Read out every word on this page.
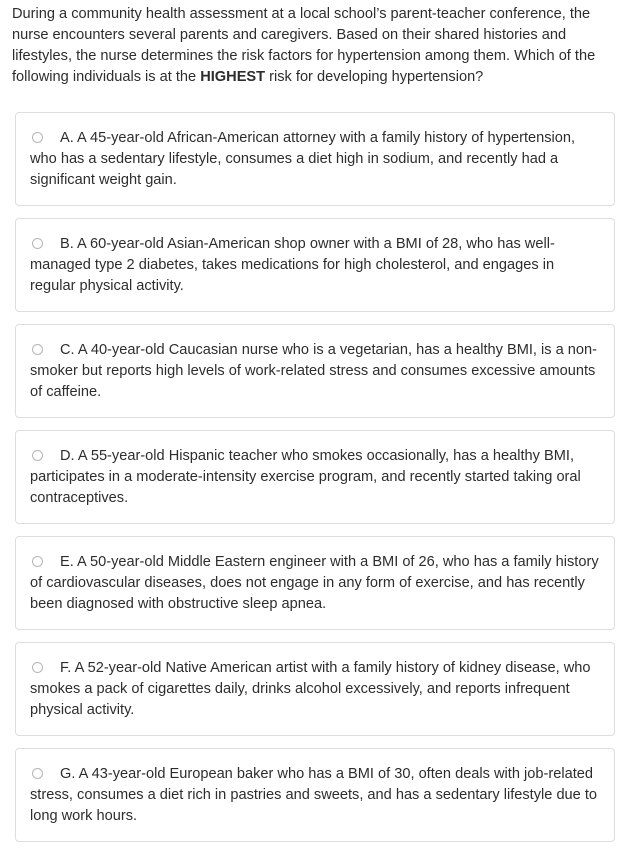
During a community health assessment at a local school’s parent-teacher conference, the nurse encounters several parents and caregivers. Based on their shared histories and lifestyles, the nurse determines the risk factors for hypertension among them. Which of the following individuals is at the HIGHEST risk for developing hypertension?
A. A 45-year-old African-American attorney with a family history of hypertension, who has a sedentary lifestyle, consumes a diet high in sodium, and recently had a significant weight gain.
B. A 60-year-old Asian-American shop owner with a BMI of 28, who has well-managed type 2 diabetes, takes medications for high cholesterol, and engages in regular physical activity.
C. A 40-year-old Caucasian nurse who is a vegetarian, has a healthy BMI, is a non-smoker but reports high levels of work-related stress and consumes excessive amounts of caffeine.
D. A 55-year-old Hispanic teacher who smokes occasionally, has a healthy BMI, participates in a moderate-intensity exercise program, and recently started taking oral contraceptives.
E. A 50-year-old Middle Eastern engineer with a BMI of 26, who has a family history of cardiovascular diseases, does not engage in any form of exercise, and has recently been diagnosed with obstructive sleep apnea.
F. A 52-year-old Native American artist with a family history of kidney disease, who smokes a pack of cigarettes daily, drinks alcohol excessively, and reports infrequent physical activity.
G. A 43-year-old European baker who has a BMI of 30, often deals with job-related stress, consumes a diet rich in pastries and sweets, and has a sedentary lifestyle due to long work hours.
